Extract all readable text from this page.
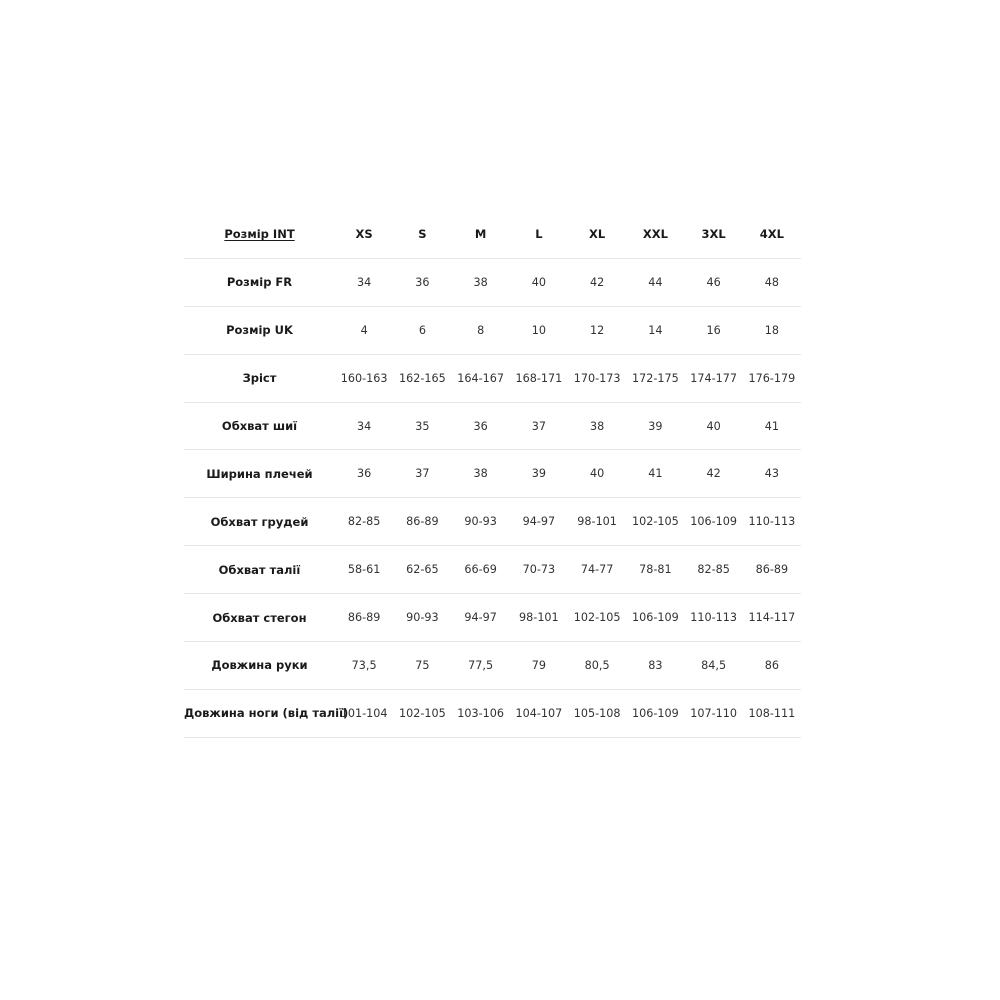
Розмір INT	XS	S	M	L	XL	XXL	3XL	4XL
Розмір FR	34	36	38	40	42	44	46	48
Розмір UK	4	6	8	10	12	14	16	18
Зріст	160-163	162-165	164-167	168-171	170-173	172-175	174-177	176-179
Обхват шиї	34	35	36	37	38	39	40	41
Ширина плечей	36	37	38	39	40	41	42	43
Обхват грудей	82-85	86-89	90-93	94-97	98-101	102-105	106-109	110-113
Обхват талії	58-61	62-65	66-69	70-73	74-77	78-81	82-85	86-89
Обхват стегон	86-89	90-93	94-97	98-101	102-105	106-109	110-113	114-117
Довжина руки	73,5	75	77,5	79	80,5	83	84,5	86
Довжина ноги (від талії)	101-104	102-105	103-106	104-107	105-108	106-109	107-110	108-111
